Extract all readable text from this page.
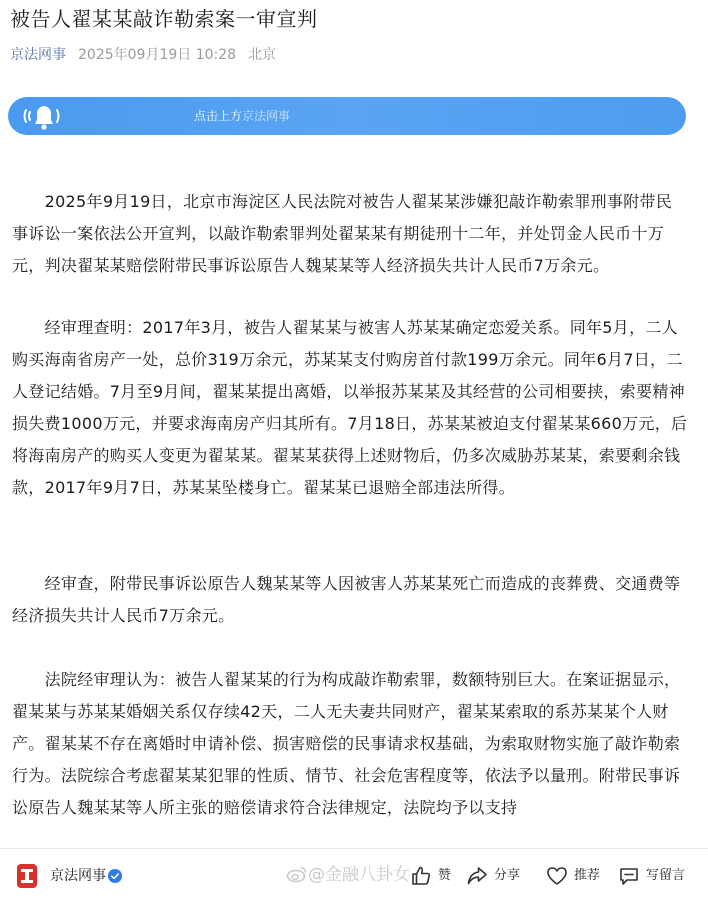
被告人翟某某敲诈勒索案一审宣判
京法网事 2025年09月19日 10:28 北京
点击上方京法网事
　　2025年9月19日，北京市海淀区人民法院对被告人翟某某涉嫌犯敲诈勒索罪刑事附带民事诉讼一案依法公开宣判，以敲诈勒索罪判处翟某某有期徒刑十二年，并处罚金人民币十万元，判决翟某某赔偿附带民事诉讼原告人魏某某等人经济损失共计人民币7万余元。
　　经审理查明：2017年3月，被告人翟某某与被害人苏某某确定恋爱关系。同年5月，二人购买海南省房产一处，总价319万余元，苏某某支付购房首付款199万余元。同年6月7日，二人登记结婚。7月至9月间，翟某某提出离婚，以举报苏某某及其经营的公司相要挟，索要精神损失费1000万元，并要求海南房产归其所有。7月18日，苏某某被迫支付翟某某660万元，后将海南房产的购买人变更为翟某某。翟某某获得上述财物后，仍多次威胁苏某某，索要剩余钱款，2017年9月7日，苏某某坠楼身亡。翟某某已退赔全部违法所得。
　　经审查，附带民事诉讼原告人魏某某等人因被害人苏某某死亡而造成的丧葬费、交通费等经济损失共计人民币7万余元。
　　法院经审理认为：被告人翟某某的行为构成敲诈勒索罪，数额特别巨大。在案证据显示，翟某某与苏某某婚姻关系仅存续42天，二人无夫妻共同财产，翟某某索取的系苏某某个人财产。翟某某不存在离婚时申请补偿、损害赔偿的民事请求权基础，为索取财物实施了敲诈勒索行为。法院综合考虑翟某某犯罪的性质、情节、社会危害程度等，依法予以量刑。附带民事诉讼原告人魏某某等人所主张的赔偿请求符合法律规定，法院均予以支持
京法网事	@金融八卦女 赞	分享	推荐	写留言
